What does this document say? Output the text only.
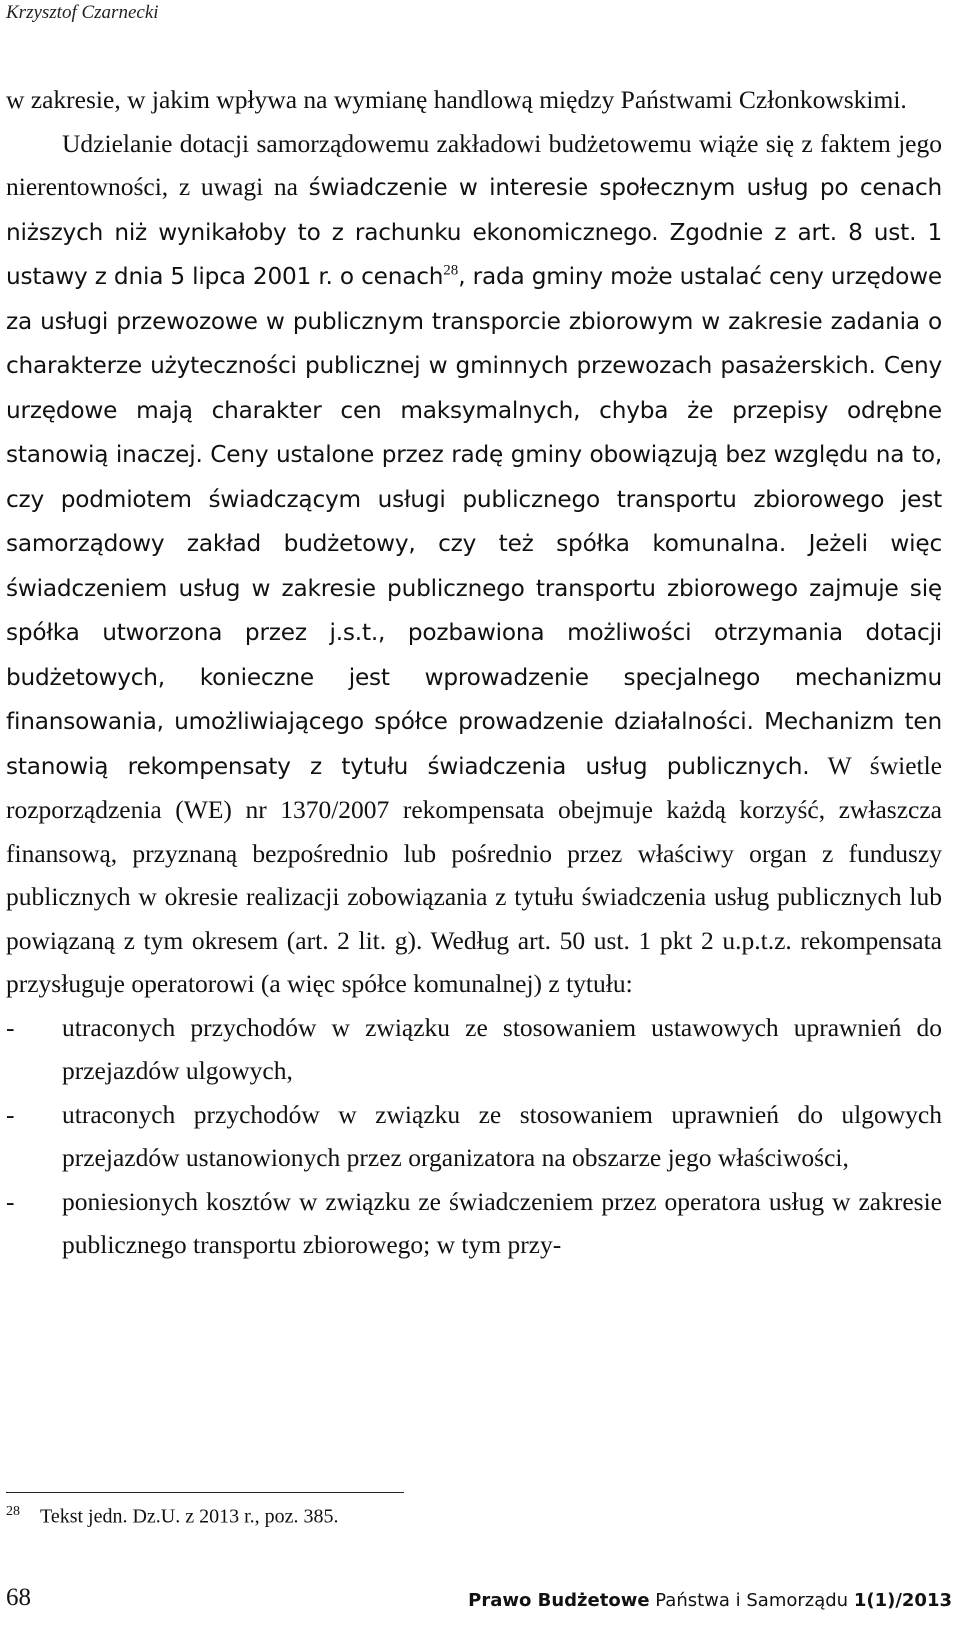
Krzysztof Czarnecki

w zakresie, w jakim wpływa na wymianę handlową między Państwami Członkowskimi.

Udzielanie dotacji samorządowemu zakładowi budżetowemu wiąże się z faktem jego nierentowności, z uwagi na świadczenie w interesie społecznym usług po cenach niższych niż wynikałoby to z rachunku ekonomicznego. Zgodnie z art. 8 ust. 1 ustawy z dnia 5 lipca 2001 r. o cenach$^{28}$, rada gminy może ustalać ceny urzędowe za usługi przewozowe w publicznym transporcie zbiorowym w zakresie zadania o charakterze użyteczności publicznej w gminnych przewozach pasażerskich. Ceny urzędowe mają charakter cen maksymalnych, chyba że przepisy odrębne stanowią inaczej. Ceny ustalone przez radę gminy obowiązują bez względu na to, czy podmiotem świadczącym usługi publicznego transportu zbiorowego jest samorządowy zakład budżetowy, czy też spółka komunalna. Jeżeli więc świadczeniem usług w zakresie publicznego transportu zbiorowego zajmuje się spółka utworzona przez j.s.t., pozbawiona możliwości otrzymania dotacji budżetowych, konieczne jest wprowadzenie specjalnego mechanizmu finansowania, umożliwiającego spółce prowadzenie działalności. Mechanizm ten stanowią rekompensaty z tytułu świadczenia usług publicznych. W świetle rozporządzenia (WE) nr 1370/2007 rekompensata obejmuje każdą korzyść, zwłaszcza finansową, przyznaną bezpośrednio lub pośrednio przez właściwy organ z funduszy publicznych w okresie realizacji zobowiązania z tytułu świadczenia usług publicznych lub powiązaną z tym okresem (art. 2 lit. g). Według art. 50 ust. 1 pkt 2 u.p.t.z. rekompensata przysługuje operatorowi (a więc spółce komunalnej) z tytułu:

- utraconych przychodów w związku ze stosowaniem ustawowych uprawnień do przejazdów ulgowych,
- utraconych przychodów w związku ze stosowaniem uprawnień do ulgowych przejazdów ustanowionych przez organizatora na obszarze jego właściwości,
- poniesionych kosztów w związku ze świadczeniem przez operatora usług w zakresie publicznego transportu zbiorowego; w tym przy-
$^{28}$ Tekst jedn. Dz.U. z 2013 r., poz. 385.
68	Prawo Budżetowe Państwa i Samorządu 1(1)/2013
